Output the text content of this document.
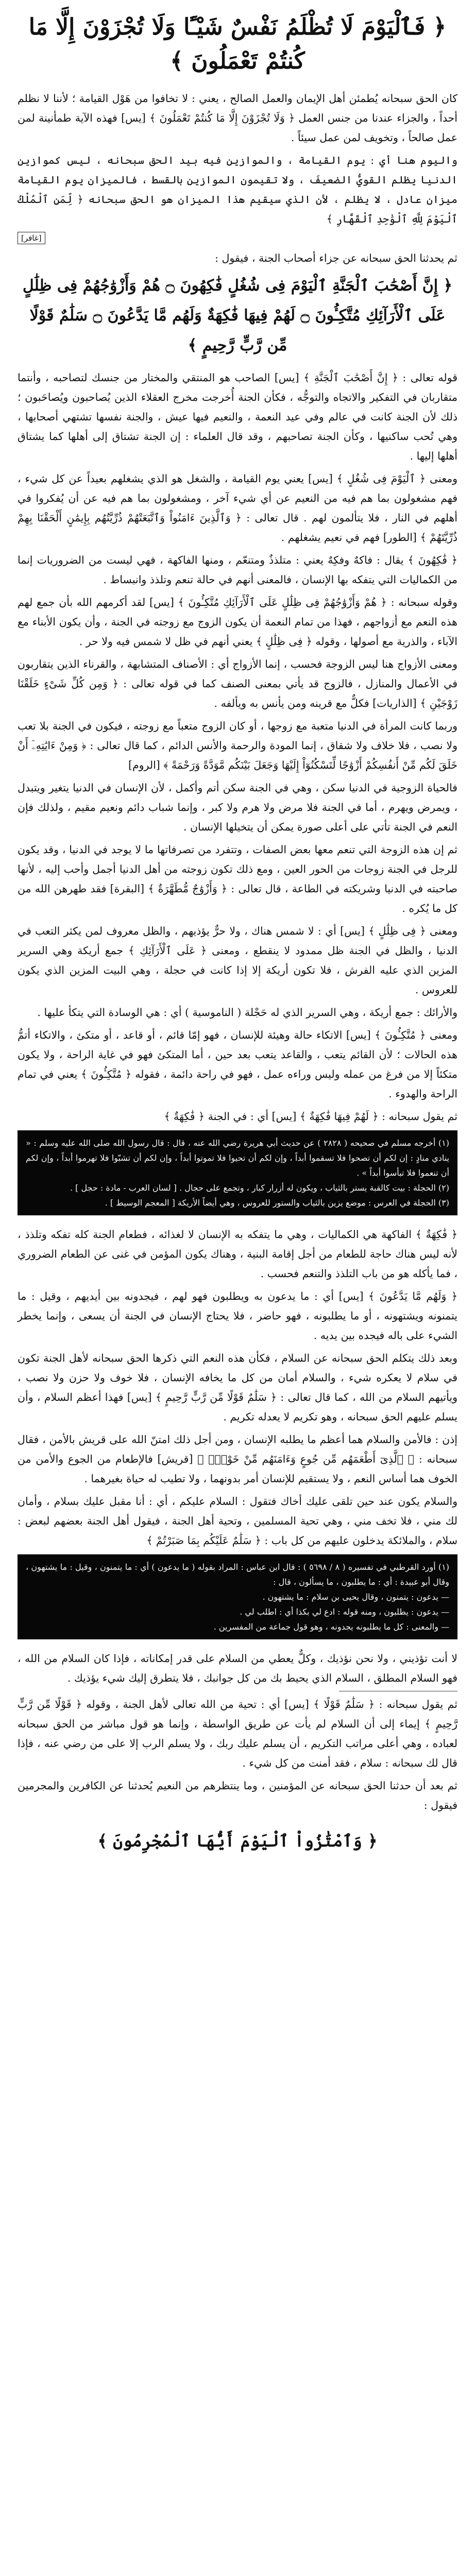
﴿ فَٱلْيَوْمَ لَا تُظْلَمُ نَفْسٌ شَيْـًٔا وَلَا تُجْزَوْنَ إِلَّا مَا كُنتُمْ تَعْمَلُونَ ﴾

كان الحق سبحانه يُطمئن أهل الإيمان والعمل الصالح ، يعني : لا تخافوا من هَوْل القيامة ؛ لأننا لا نظلم أحداً ، والجزاء عندنا من جنس العمل ﴿ وَلَا تُجْزَوْنَ إِلَّا مَا كُنتُمْ تَعْمَلُونَ ﴾ [يس] فهذه الآية طمأنينة لمن عمل صالحاً ، وتخويف لمن عمل سيئاً .

واليوم هنا أي : يوم القيامة ، والموازين فيه بيد الحق سبحانه ، ليس كموازين الدنيا يظلم القويُّ الضعيفَ ، ولا تقيمون الموازين بالقسط ، فالميزان يوم القيامة ميزان عادل ، لا يظلم ، لأن الذي سيقيم هذا الميزان هو الحق سبحانه ﴿ لِّمَنِ ٱلْمُلْكُ ٱلْيَوْمَ لِلَّهِ ٱلْوَٰحِدِ ٱلْقَهَّارِ ﴾

[غافر]

ثم يحدثنا الحق سبحانه عن جزاء أصحاب الجنة ، فيقول :

﴿ إِنَّ أَصْحَٰبَ ٱلْجَنَّةِ ٱلْيَوْمَ فِى شُغُلٍ فَٰكِهُونَ ۝ هُمْ وَأَزْوَٰجُهُمْ فِى ظِلَٰلٍ عَلَى ٱلْأَرَآئِكِ مُتَّكِـُٔونَ ۝ لَهُمْ فِيهَا فَٰكِهَةٌ وَلَهُم مَّا يَدَّعُونَ ۝ سَلَٰمٌ قَوْلًا مِّن رَّبٍّ رَّحِيمٍ ﴾

قوله تعالى : ﴿ إِنَّ أَصْحَٰبَ ٱلْجَنَّةِ ﴾ [يس] الصاحب هو المنتقي والمختار من جنسك لتصاحبه ، وأنتما متقاربان في التفكير والاتجاه والتوجُّه ، فكأن الجنة أُخرجت مخرج العقلاء الذين يُصاحبون ويُصاحَبون ؛ ذلك لأن الجنة كانت في عالم وفي عيد النعمة ، والنعيم فيها عيش ، والجنة نفسها تشتهي أصحابها ، وهي تُحب ساكنيها ، وكأن الجنة تصاحبهم ، وقد قال العلماء : إن الجنة تشتاق إلى أهلها كما يشتاق أهلها إليها .

ومعنى ﴿ ٱلْيَوْمَ فِى شُغُلٍ ﴾ [يس] يعني يوم القيامة ، والشغل هو الذي يشغلهم بعيداً عن كل شيء ، فهم مشغولون بما هم فيه من النعيم عن أي شيء آخر ، ومشغولون بما هم فيه عن أن يُفكروا في أهلهم في النار ، فلا يتألمون لهم . قال تعالى : ﴿ وَٱلَّذِينَ ءَامَنُواْ وَٱتَّبَعَتْهُمْ ذُرِّيَّتُهُم بِإِيمَٰنٍ أَلْحَقْنَا بِهِمْ ذُرِّيَّتَهُمْ ﴾ [الطور] فهم في نعيم يشغلهم .

﴿ فَٰكِهُونَ ﴾ يقال : فاكهٌ وفكِهٌ يعني : متلذذٌ ومتنعّم ، ومنها الفاكهة ، فهي ليست من الضروريات إنما من الكماليات التي يتفكه بها الإنسان ، فالمعنى أنهم في حالة تنعم وتلذذ وانبساط .

وقوله سبحانه : ﴿ هُمْ وَأَزْوَٰجُهُمْ فِى ظِلَٰلٍ عَلَى ٱلْأَرَآئِكِ مُتَّكِـُٔونَ ﴾ [يس] لقد أكرمهم الله بأن جمع لهم هذه النعم مع أزواجهم ، فهذا من تمام النعمة أن يكون الزوج مع زوجته في الجنة ، وأن يكون الأبناء مع الآباء ، والذرية مع أصولها ، وقوله ﴿ فِى ظِلَٰلٍ ﴾ يعني أنهم في ظل لا شمس فيه ولا حر .

ومعنى الأزواج هنا ليس الزوجة فحسب ، إنما الأزواج أي : الأصناف المتشابهة ، والقرناء الذين يتقاربون في الأعمال والمنازل ، فالزوج قد يأتي بمعنى الصنف كما في قوله تعالى : ﴿ وَمِن كُلِّ شَىْءٍ خَلَقْنَا زَوْجَيْنِ ﴾ [الذاريات] فكلٌّ مع قرينه ومن يأنس به ويألفه .

وربما كانت المرأة في الدنيا متعبة مع زوجها ، أو كان الزوج متعباً مع زوجته ، فيكون في الجنة بلا تعب ولا نصب ، فلا خلاف ولا شقاق ، إنما المودة والرحمة والأنس الدائم ، كما قال تعالى : ﴿ وَمِنْ ءَايَٰتِهِۦٓ أَنْ خَلَقَ لَكُم مِّنْ أَنفُسِكُمْ أَزْوَٰجًا لِّتَسْكُنُوٓاْ إِلَيْهَا وَجَعَلَ بَيْنَكُم مَّوَدَّةً وَرَحْمَةً ﴾ [الروم]

فالحياة الزوجية في الدنيا سكن ، وهي في الجنة سكن أتم وأكمل ، لأن الإنسان في الدنيا يتغير ويتبدل ، ويمرض ويهرم ، أما في الجنة فلا مرض ولا هرم ولا كبر ، وإنما شباب دائم ونعيم مقيم ، ولذلك فإن النعم في الجنة تأتي على أعلى صورة يمكن أن يتخيلها الإنسان .

ثم إن هذه الزوجة التي تنعم معها بعض الصفات ، وتتفرد من تصرفاتها ما لا يوجد في الدنيا ، وقد يكون للرجل في الجنة زوجات من الحور العين ، ومع ذلك تكون زوجته من أهل الدنيا أجمل وأحب إليه ، لأنها صاحبته في الدنيا وشريكته في الطاعة ، قال تعالى : ﴿ وَأَزْوَٰجٌ مُّطَهَّرَةٌ ﴾ [البقرة] فقد طهرهن الله من كل ما يُكره .

ومعنى ﴿ فِى ظِلَٰلٍ ﴾ [يس] أي : لا شمس هناك ، ولا حرٌّ يؤذيهم ، والظل معروف لمن يكثر التعب في الدنيا ، والظل في الجنة ظل ممدود لا ينقطع ، ومعنى ﴿ عَلَى ٱلْأَرَآئِكِ ﴾ جمع أريكة وهي السرير المزين الذي عليه الفرش ، فلا تكون أريكة إلا إذا كانت في حجلة ، وهي البيت المزين الذي يكون للعروس .

والأرائك : جمع أريكة ، وهي السرير الذي له حَجْلة ( الناموسية ) أي : هي الوسادة التي يتكأ عليها .

ومعنى ﴿ مُتَّكِـُٔونَ ﴾ [يس] الاتكاء حالة وهيئة للإنسان ، فهو إمّا قائم ، أو قاعد ، أو متكئ ، والاتكاء أتمُّ هذه الحالات ؛ لأن القائم يتعب ، والقاعد يتعب بعد حين ، أما المتكئ فهو في غاية الراحة ، ولا يكون متكئاً إلا من فرغ من عمله وليس وراءه عمل ، فهو في راحة دائمة ، فقوله ﴿ مُتَّكِـُٔونَ ﴾ يعني في تمام الراحة والهدوء .

ثم يقول سبحانه : ﴿ لَهُمْ فِيهَا فَٰكِهَةٌ ﴾ [يس] أي : في الجنة ﴿ فَٰكِهَةٌ ﴾

(١) أخرجه مسلم في صحيحه ( ٢٨٢٨ ) عن حديث أبي هريرة رضي الله عنه ، قال : قال رسول الله صلى الله عليه وسلم : « ينادي منادٍ : إن لكم أن تصحوا فلا تسقموا أبداً ، وإن لكم أن تحيوا فلا تموتوا أبداً ، وإن لكم أن تشبّوا فلا تهرموا أبداً ، وإن لكم أن تنعموا فلا تبأسوا أبداً » .

(٢) الحجلة : بيت كالقبة يستر بالثياب ، ويكون له أزرار كبار ، وتجمع على حجال . [ لسان العرب - مادة : حجل ] .

(٣) الحجلة في العرس : موضع يزين بالثياب والستور للعروس ، وهي أيضاً الأريكة [ المعجم الوسيط ] .

﴿ فَٰكِهَةٌ ﴾ الفاكهة هي الكماليات ، وهي ما يتفكه به الإنسان لا لغذائه ، فطعام الجنة كله تفكه وتلذذ ، لأنه ليس هناك حاجة للطعام من أجل إقامة البنية ، وهناك يكون المؤمن في غنى عن الطعام الضروري ، فما يأكله هو من باب التلذذ والتنعم فحسب .

﴿ وَلَهُم مَّا يَدَّعُونَ ﴾ [يس] أي : ما يدعون به ويطلبون فهو لهم ، فيجدونه بين أيديهم ، وقيل : ما يتمنونه ويشتهونه ، أو ما يطلبونه ، فهو حاضر ، فلا يحتاج الإنسان في الجنة أن يسعى ، وإنما يخطر الشيء على باله فيجده بين يديه .

وبعد ذلك يتكلم الحق سبحانه عن السلام ، فكأن هذه النعم التي ذكرها الحق سبحانه لأهل الجنة تكون في سلام لا يعكره شيء ، والسلام أمان من كل ما يخافه الإنسان ، فلا خوف ولا حزن ولا نصب ، ويأتيهم السلام من الله ، كما قال تعالى : ﴿ سَلَٰمٌ قَوْلًا مِّن رَّبٍّ رَّحِيمٍ ﴾ [يس] فهذا أعظم السلام ، وأن يسلم عليهم الحق سبحانه ، وهو تكريم لا يعدله تكريم .

إذن : فالأمن والسلام هما أعظم ما يطلبه الإنسان ، ومن أجل ذلك امتنّ الله على قريش بالأمن ، فقال سبحانه : ﴿ ٱلَّذِىٓ أَطْعَمَهُم مِّن جُوعٍ وَءَامَنَهُم مِّنْ خَوْفٍۭ ﴾ [قريش] فالإطعام من الجوع والأمن من الخوف هما أساس النعم ، ولا يستقيم للإنسان أمر بدونهما ، ولا تطيب له حياة بغيرهما .

والسلام يكون عند حين تلقى عليك أخاك فتقول : السلام عليكم ، أي : أنا مقبل عليك بسلام ، وأمان لك مني ، فلا تخف مني ، وهي تحية المسلمين ، وتحية أهل الجنة ، فيقول أهل الجنة بعضهم لبعض : سلام ، والملائكة يدخلون عليهم من كل باب : ﴿ سَلَٰمٌ عَلَيْكُم بِمَا صَبَرْتُمْ ﴾

(١) أورد القرطبي في تفسيره ( ٨ / ٥٦٩٨ ) : قال ابن عباس : المراد بقوله ( ما يدعون ) أي : ما يتمنون ، وقيل : ما يشتهون ، وقال أبو عبيدة : أي : ما يطلبون ، ما يسألون ، قال :

— يدعون : يتمنون ، وقال يحيى بن سلام : ما يشتهون .

— يدعون : يطلبون ، ومنه قوله : ادع لي بكذا أي : اطلب لي .

— والمعنى : كل ما يطلبونه يجدونه ، وهو قول جماعة من المفسرين .

لا أنت تؤذيني ، ولا نحن نؤذيك ، وكلٌّ يعطي من السلام على قدر إمكاناته ، فإذا كان السلام من الله ، فهو السلام المطلق ، السلام الذي يحيط بك من كل جوانبك ، فلا يتطرق إليك شيء يؤذيك .

ثم يقول سبحانه : ﴿ سَلَٰمٌ قَوْلًا ﴾ [يس] أي : تحية من الله تعالى لأهل الجنة ، وقوله ﴿ قَوْلًا مِّن رَّبٍّ رَّحِيمٍ ﴾ إيماء إلى أن السلام لم يأت عن طريق الواسطة ، وإنما هو قول مباشر من الحق سبحانه لعباده ، وهي أعلى مراتب التكريم ، أن يسلم عليك ربك ، ولا يسلم الرب إلا على من رضي عنه ، فإذا قال لك سبحانه : سلام ، فقد أمنت من كل شيء .

ثم بعد أن حدثنا الحق سبحانه عن المؤمنين ، وما ينتظرهم من النعيم يُحدثنا عن الكافرين والمجرمين فيقول :

﴿ وَٱمْتَٰزُواْ ٱلْيَوْمَ أَيُّهَا ٱلْمُجْرِمُونَ ﴾
